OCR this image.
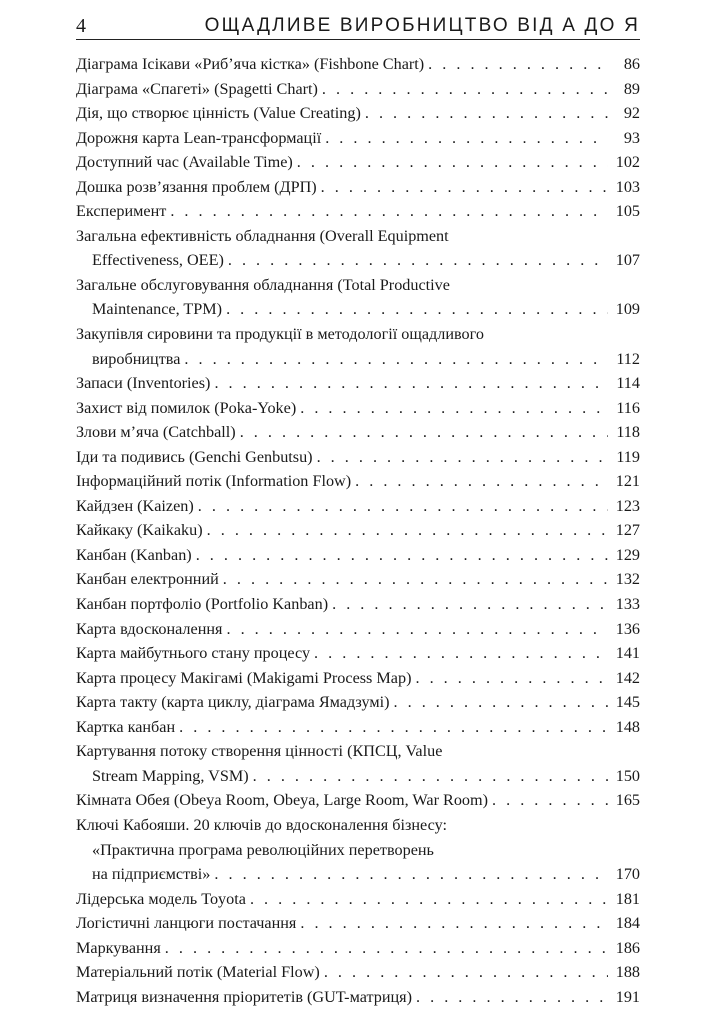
4	ОЩАДЛИВЕ ВИРОБНИЦТВО ВІД А ДО Я
Діаграма Ісікави «Риб’яча кістка» (Fishbone Chart) . . .	86
Діаграма «Спагеті» (Spagetti Chart) . . .	89
Дія, що створює цінність (Value Creating) . . .	92
Дорожня карта Lean-трансформації . . .	93
Доступний час (Available Time) . . .	102
Дошка розв’язання проблем (ДРП) . . .	103
Експеримент . . .	105
Загальна ефективність обладнання (Overall Equipment
Effectiveness, OEE) . . .	107
Загальне обслуговування обладнання (Total Productive
Maintenance, TPM) . . .	109
Закупівля сировини та продукції в методології ощадливого
виробництва . . .	112
Запаси (Inventories) . . .	114
Захист від помилок (Poka-Yoke) . . .	116
Злови м’яча (Catchball) . . .	118
Іди та подивись (Genchi Genbutsu) . . .	119
Інформаційний потік (Information Flow) . . .	121
Кайдзен (Kaizen) . . .	123
Кайкаку (Kaikaku) . . .	127
Канбан (Kanban) . . .	129
Канбан електронний . . .	132
Канбан портфоліо (Portfolio Kanban) . . .	133
Карта вдосконалення . . .	136
Карта майбутнього стану процесу . . .	141
Карта процесу Макігамі (Makigami Process Map) . . .	142
Карта такту (карта циклу, діаграма Ямадзумі) . . .	145
Картка канбан . . .	148
Картування потоку створення цінності (КПСЦ, Value
Stream Mapping, VSM) . . .	150
Кімната Обея (Obeya Room, Obeya, Large Room, War Room) . . .	165
Ключі Кабояши. 20 ключів до вдосконалення бізнесу:
«Практична програма революційних перетворень
на підприємстві» . . .	170
Лідерська модель Toyota . . .	181
Логістичні ланцюги постачання . . .	184
Маркування . . .	186
Матеріальний потік (Material Flow) . . .	188
Матриця визначення пріоритетів (GUT-матриця) . . .	191
